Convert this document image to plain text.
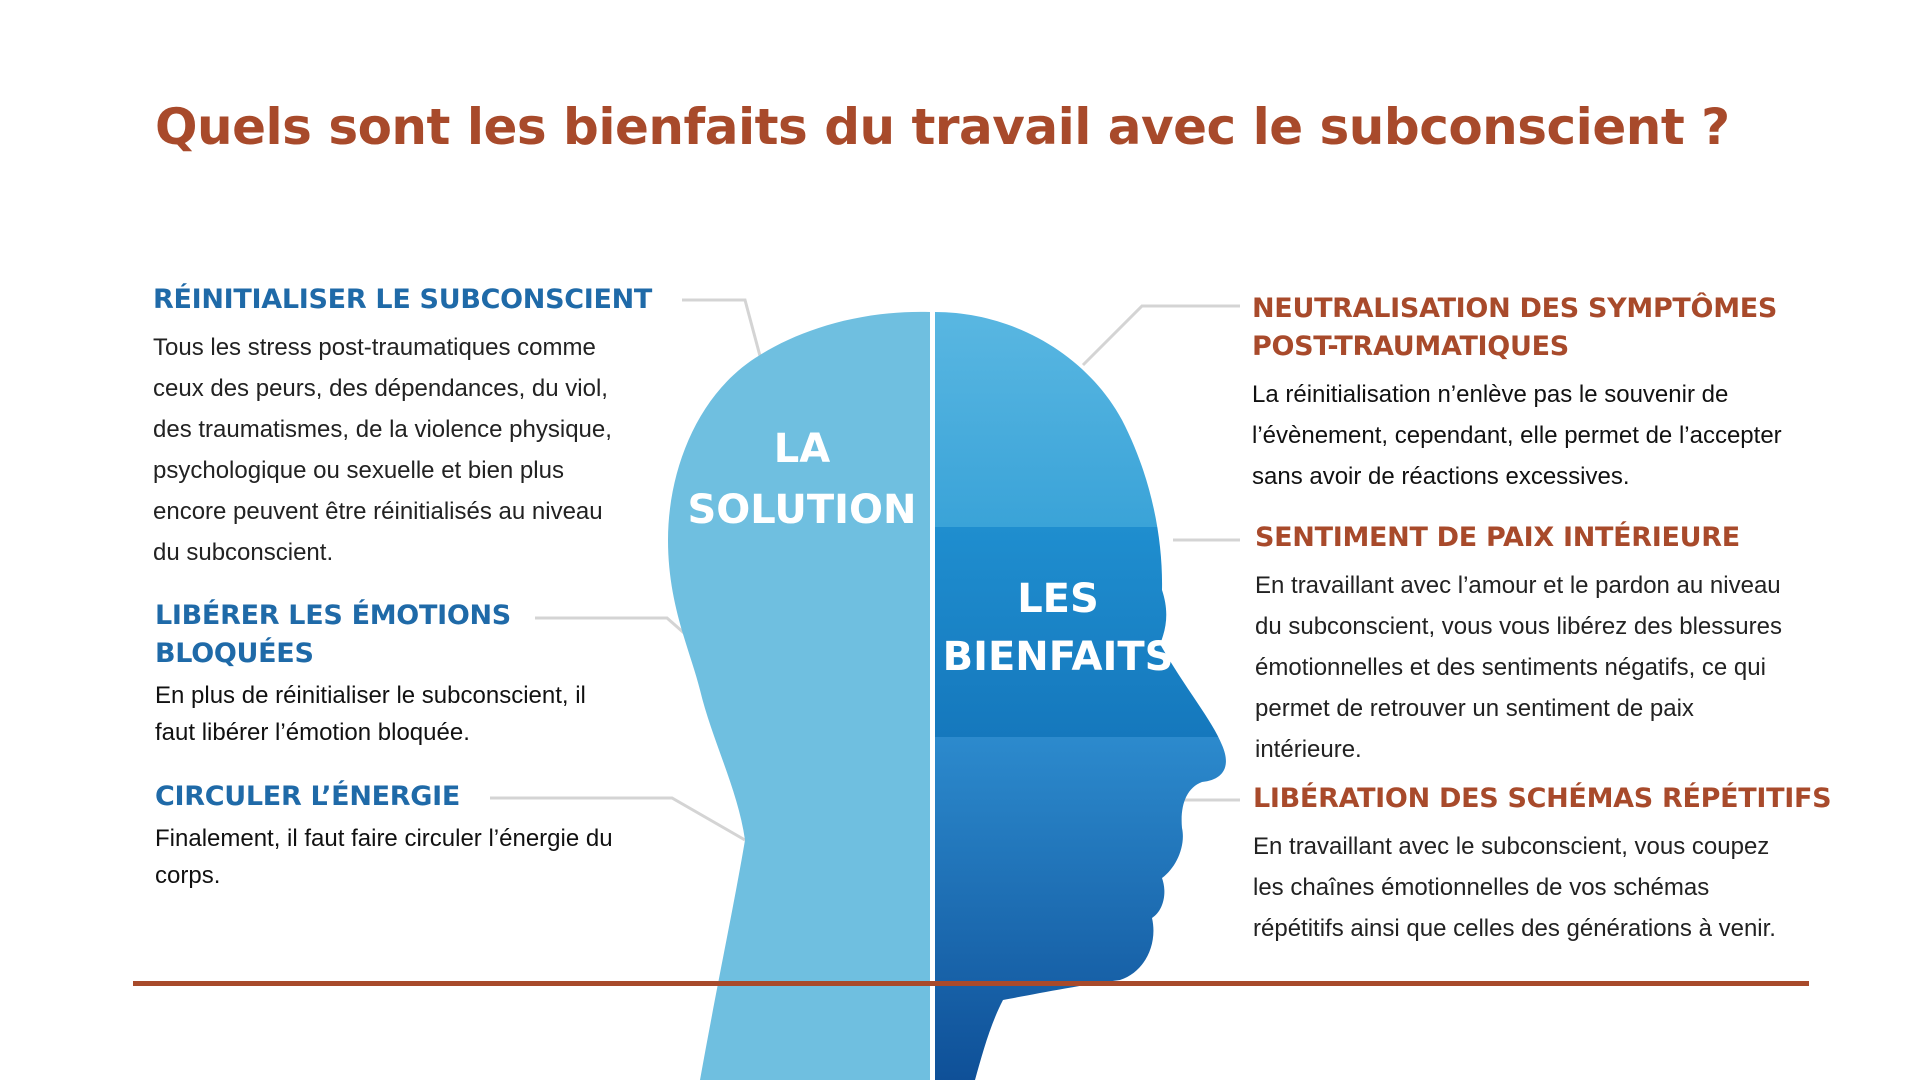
Quels sont les bienfaits du travail avec le subconscient ?
LA
SOLUTION
LES
BIENFAITS
RÉINITIALISER LE SUBCONSCIENT

Tous les stress post-traumatiques comme
ceux des peurs, des dépendances, du viol,
des traumatismes, de la violence physique,
psychologique ou sexuelle et bien plus
encore peuvent être réinitialisés au niveau
du subconscient.

LIBÉRER LES ÉMOTIONS
BLOQUÉES

En plus de réinitialiser le subconscient, il
faut libérer l’émotion bloquée.

CIRCULER L’ÉNERGIE

Finalement, il faut faire circuler l’énergie du
corps.

NEUTRALISATION DES SYMPTÔMES
POST-TRAUMATIQUES

La réinitialisation n’enlève pas le souvenir de
l’évènement, cependant, elle permet de l’accepter
sans avoir de réactions excessives.

SENTIMENT DE PAIX INTÉRIEURE

En travaillant avec l’amour et le pardon au niveau
du subconscient, vous vous libérez des blessures
émotionnelles et des sentiments négatifs, ce qui
permet de retrouver un sentiment de paix
intérieure.

LIBÉRATION DES SCHÉMAS RÉPÉTITIFS

En travaillant avec le subconscient, vous coupez
les chaînes émotionnelles de vos schémas
répétitifs ainsi que celles des générations à venir.
